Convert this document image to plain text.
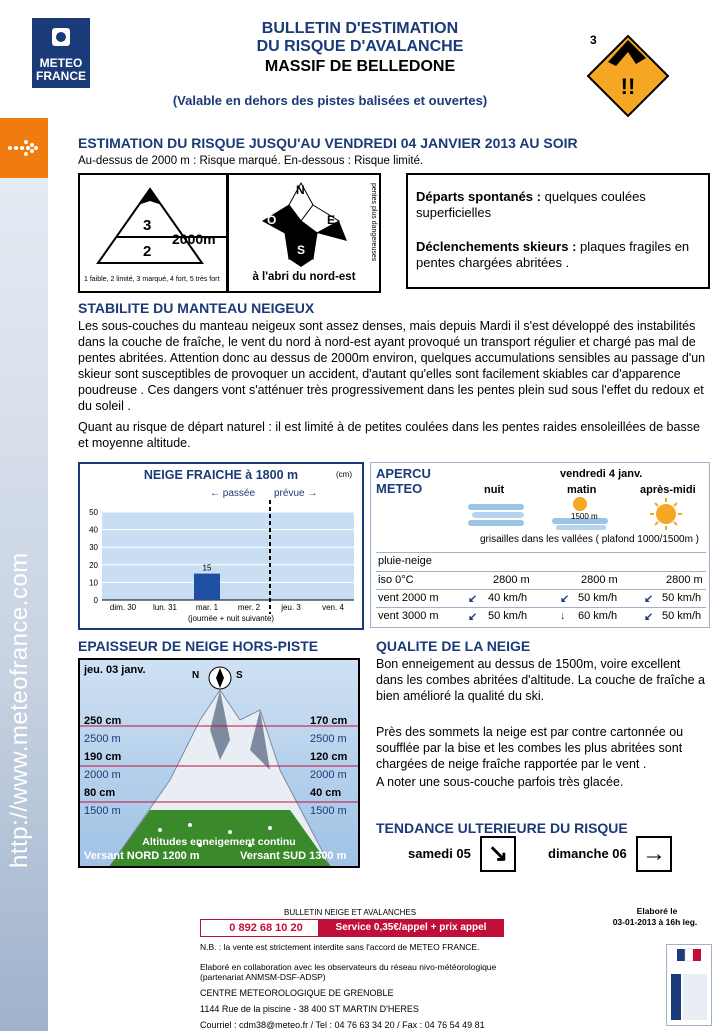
METEO
FRANCE
BULLETIN D'ESTIMATION
DU RISQUE D'AVALANCHE
MASSIF DE BELLEDONE
(Valable en dehors des pistes balisées et ouvertes)
3
!!
ESTIMATION DU RISQUE JUSQU'AU VENDREDI 04 JANVIER 2013 AU SOIR
Au-dessus de 2000 m : Risque marqué. En-dessous : Risque limité.
3
2
2000m
1 faible, 2 limité, 3 marqué, 4 fort, 5 très fort
N
E
S
O	pentes plus dangereuses
à l'abri du nord-est
Départs spontanés : quelques coulées superficielles
Déclenchements skieurs : plaques fragiles en pentes chargées abritées .
STABILITE DU MANTEAU NEIGEUX
Les sous-couches du manteau neigeux sont assez denses, mais depuis Mardi il s'est développé des instabilités dans la couche de fraîche, le vent du nord à nord-est ayant provoqué un transport régulier et chargé pas mal de pentes abritées. Attention donc au dessus de 2000m environ, quelques accumulations sensibles au passage d'un skieur sont susceptibles de provoquer un accident, d'autant qu'elles sont facilement skiables car d'apparence poudreuse . Ces dangers vont s'atténuer très progressivement dans les pentes plein sud sous l'effet du redoux et du soleil .
Quant au risque de départ naturel : il est limité à de petites coulées dans les pentes raides ensoleillées de basse et moyenne altitude.
NEIGE FRAICHE à 1800 m	(cm)
← passée prévue →
0
10
20
30
40
50
15
dim. 30 lun. 31 mar. 1 mer. 2	jeu. 3	ven. 4
(journée + nuit suivante)
APERCU
METEO
vendredi 4 janv.
nuit	matin	après-midi
1500 m
grisailles dans les vallées ( plafond 1000/1500m )
pluie-neige
iso 0°C	2800 m	2800 m	2800 m
vent 2000 m	↙ 40 km/h	↙ 50 km/h ↙ 50 km/h
vent 3000 m	↙ 50 km/h	↓ 60 km/h ↙ 50 km/h
EPAISSEUR DE NEIGE HORS-PISTE
jeu. 03 janv.	N	S
250 cm
2500 m
190 cm
2000 m
80 cm
1500 m
170 cm
2500 m
120 cm
2000 m
40 cm
1500 m
Altitudes enneigement continu
Versant NORD 1200 m	Versant SUD 1300 m
QUALITE DE LA NEIGE
Bon enneigement au dessus de 1500m, voire excellent dans les combes abritées d'altitude. La couche de fraîche a bien amélioré la qualité du ski.
Près des sommets la neige est par contre cartonnée ou soufflée par la bise et les combes les plus abritées sont chargées de neige fraîche rapportée par le vent .
A noter une sous-couche parfois très glacée.
TENDANCE ULTERIEURE DU RISQUE
samedi 05 ↘	dimanche 06 →
BULLETIN NEIGE ET AVALANCHES
0 892 68 10 20	Service 0,35€/appel + prix appel
Elaboré le
03-01-2013 à 16h leg.
N.B. : la vente est strictement interdite sans l'accord de METEO FRANCE.
Elaboré en collaboration avec les observateurs du réseau nivo-météorologique (partenariat ANMSM-DSF-ADSP)
CENTRE METEOROLOGIQUE DE GRENOBLE
1144 Rue de la piscine - 38 400 ST MARTIN D'HERES
Courriel : cdm38@meteo.fr / Tel : 04 76 63 34 20 / Fax : 04 76 54 49 81
